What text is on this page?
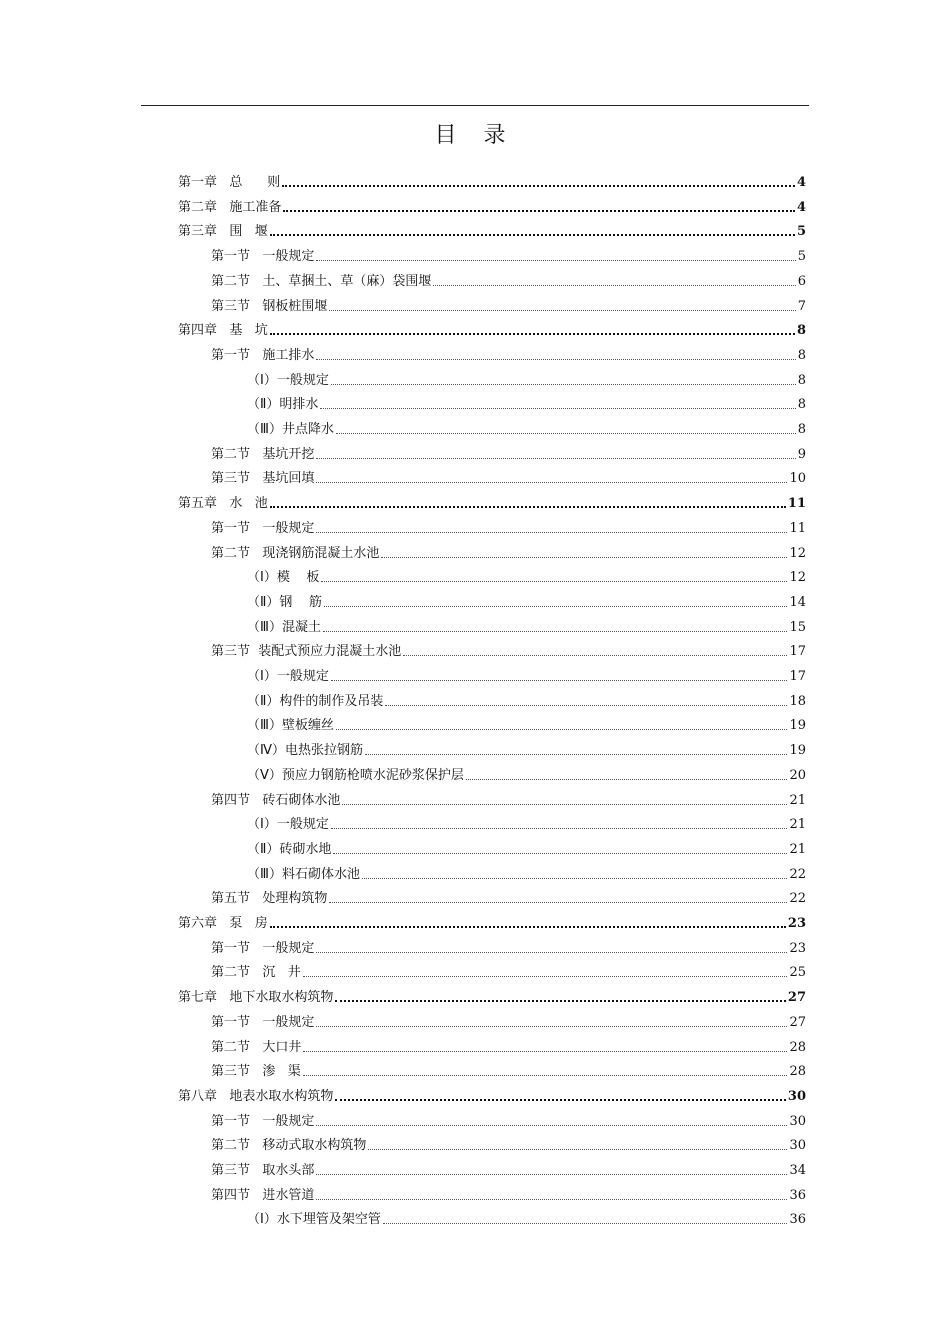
目 录
第一章   总      则	4
第二章   施工准备	4
第三章   围   堰	5
第一节   一般规定	5
第二节   土、草捆土、草（麻）袋围堰	6
第三节   钢板桩围堰	7
第四章   基   坑	8
第一节   施工排水	8
（Ⅰ）一般规定	8
（Ⅱ）明排水	8
（Ⅲ）井点降水	8
第二节   基坑开挖	9
第三节   基坑回填	10
第五章   水   池	11
第一节   一般规定	11
第二节   现浇钢筋混凝土水池	12
（Ⅰ）模    板	12
（Ⅱ）钢    筋	14
（Ⅲ）混凝土	15
第三节  装配式预应力混凝土水池	17
（Ⅰ）一般规定	17
（Ⅱ）构件的制作及吊装	18
（Ⅲ）壁板缠丝	19
（Ⅳ）电热张拉钢筋	19
（Ⅴ）预应力钢筋枪喷水泥砂浆保护层	20
第四节   砖石砌体水池	21
（Ⅰ）一般规定	21
（Ⅱ）砖砌水地	21
（Ⅲ）料石砌体水池	22
第五节   处理构筑物	22
第六章   泵   房	23
第一节   一般规定	23
第二节   沉   井	25
第七章   地下水取水构筑物	27
第一节   一般规定	27
第二节   大口井	28
第三节   渗   渠	28
第八章   地表水取水构筑物	30
第一节   一般规定	30
第二节   移动式取水构筑物	30
第三节   取水头部	34
第四节   进水管道	36
（Ⅰ）水下埋管及架空管	36
